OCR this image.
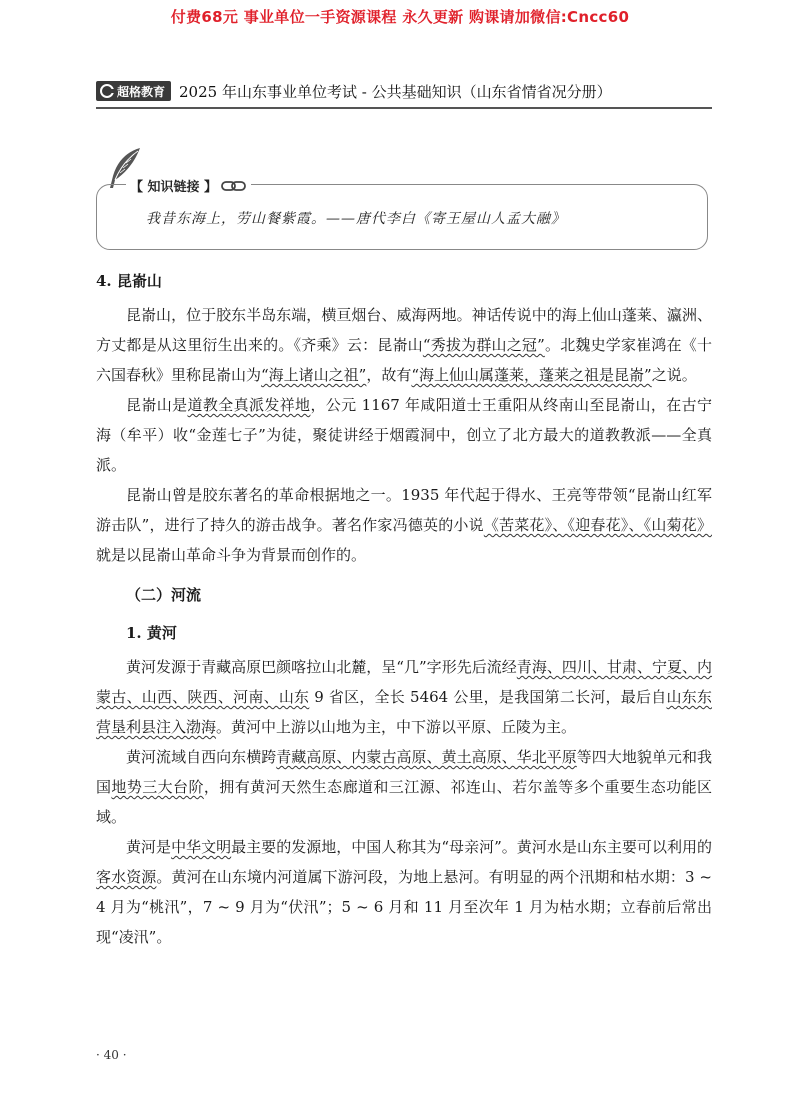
付费68元 事业单位一手资源课程 永久更新 购课请加微信:Cncc60
超格教育 2025 年山东事业单位考试 - 公共基础知识（山东省情省况分册）
【 知识链接 】
我昔东海上，劳山餐紫霞。——唐代李白《寄王屋山人孟大融》

4. 昆嵛山

昆嵛山，位于胶东半岛东端，横亘烟台、威海两地。神话传说中的海上仙山蓬莱、瀛洲、方丈都是从这里衍生出来的。《齐乘》云：昆嵛山“秀拔为群山之冠”。北魏史学家崔鸿在《十六国春秋》里称昆嵛山为“海上诸山之祖”，故有“海上仙山属蓬莱，蓬莱之祖是昆嵛”之说。

昆嵛山是道教全真派发祥地，公元 1167 年咸阳道士王重阳从终南山至昆嵛山，在古宁海（牟平）收“金莲七子”为徒，聚徒讲经于烟霞洞中，创立了北方最大的道教教派——全真派。

昆嵛山曾是胶东著名的革命根据地之一。1935 年代起于得水、王亮等带领“昆嵛山红军游击队”，进行了持久的游击战争。著名作家冯德英的小说《苦菜花》、《迎春花》、《山菊花》就是以昆嵛山革命斗争为背景而创作的。

（二）河流

1. 黄河

黄河发源于青藏高原巴颜喀拉山北麓，呈“几”字形先后流经青海、四川、甘肃、宁夏、内蒙古、山西、陕西、河南、山东 9 省区，全长 5464 公里，是我国第二长河，最后自山东东营垦利县注入渤海。黄河中上游以山地为主，中下游以平原、丘陵为主。

黄河流域自西向东横跨青藏高原、内蒙古高原、黄土高原、华北平原等四大地貌单元和我国地势三大台阶，拥有黄河天然生态廊道和三江源、祁连山、若尔盖等多个重要生态功能区域。

黄河是中华文明最主要的发源地，中国人称其为“母亲河”。黄河水是山东主要可以利用的客水资源。黄河在山东境内河道属下游河段，为地上悬河。有明显的两个汛期和枯水期：3 ~ 4 月为“桃汛”，7 ~ 9 月为“伏汛”；5 ~ 6 月和 11 月至次年 1 月为枯水期；立春前后常出现“凌汛”。

· 40 ·
